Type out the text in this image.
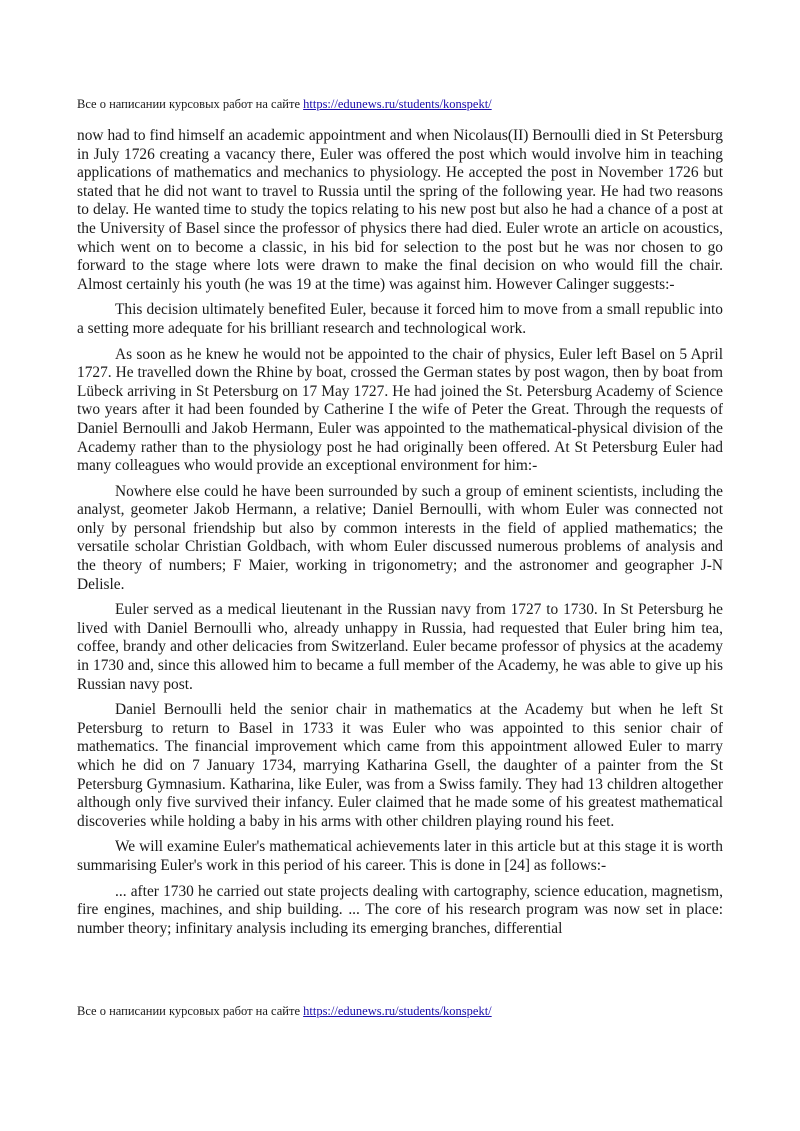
Все о написании курсовых работ на сайте https://edunews.ru/students/konspekt/

now had to find himself an academic appointment and when Nicolaus(II) Bernoulli died in St Petersburg in July 1726 creating a vacancy there, Euler was offered the post which would involve him in teaching applications of mathematics and mechanics to physiology. He accepted the post in November 1726 but stated that he did not want to travel to Russia until the spring of the following year. He had two reasons to delay. He wanted time to study the topics relating to his new post but also he had a chance of a post at the University of Basel since the professor of physics there had died. Euler wrote an article on acoustics, which went on to become a classic, in his bid for selection to the post but he was nor chosen to go forward to the stage where lots were drawn to make the final decision on who would fill the chair. Almost certainly his youth (he was 19 at the time) was against him. However Calinger suggests:-

This decision ultimately benefited Euler, because it forced him to move from a small republic into a setting more adequate for his brilliant research and technological work.

As soon as he knew he would not be appointed to the chair of physics, Euler left Basel on 5 April 1727. He travelled down the Rhine by boat, crossed the German states by post wagon, then by boat from Lübeck arriving in St Petersburg on 17 May 1727. He had joined the St. Petersburg Academy of Science two years after it had been founded by Catherine I the wife of Peter the Great. Through the requests of Daniel Bernoulli and Jakob Hermann, Euler was appointed to the mathematical-physical division of the Academy rather than to the physiology post he had originally been offered. At St Petersburg Euler had many colleagues who would provide an exceptional environment for him:-

Nowhere else could he have been surrounded by such a group of eminent scientists, including the analyst, geometer Jakob Hermann, a relative; Daniel Bernoulli, with whom Euler was connected not only by personal friendship but also by common interests in the field of applied mathematics; the versatile scholar Christian Goldbach, with whom Euler discussed numerous problems of analysis and the theory of numbers; F Maier, working in trigonometry; and the astronomer and geographer J-N Delisle.

Euler served as a medical lieutenant in the Russian navy from 1727 to 1730. In St Petersburg he lived with Daniel Bernoulli who, already unhappy in Russia, had requested that Euler bring him tea, coffee, brandy and other delicacies from Switzerland. Euler became professor of physics at the academy in 1730 and, since this allowed him to became a full member of the Academy, he was able to give up his Russian navy post.

Daniel Bernoulli held the senior chair in mathematics at the Academy but when he left St Petersburg to return to Basel in 1733 it was Euler who was appointed to this senior chair of mathematics. The financial improvement which came from this appointment allowed Euler to marry which he did on 7 January 1734, marrying Katharina Gsell, the daughter of a painter from the St Petersburg Gymnasium. Katharina, like Euler, was from a Swiss family. They had 13 children altogether although only five survived their infancy. Euler claimed that he made some of his greatest mathematical discoveries while holding a baby in his arms with other children playing round his feet.

We will examine Euler's mathematical achievements later in this article but at this stage it is worth summarising Euler's work in this period of his career. This is done in [24] as follows:-

... after 1730 he carried out state projects dealing with cartography, science education, magnetism, fire engines, machines, and ship building. ... The core of his research program was now set in place: number theory; infinitary analysis including its emerging branches, differential

Все о написании курсовых работ на сайте https://edunews.ru/students/konspekt/
